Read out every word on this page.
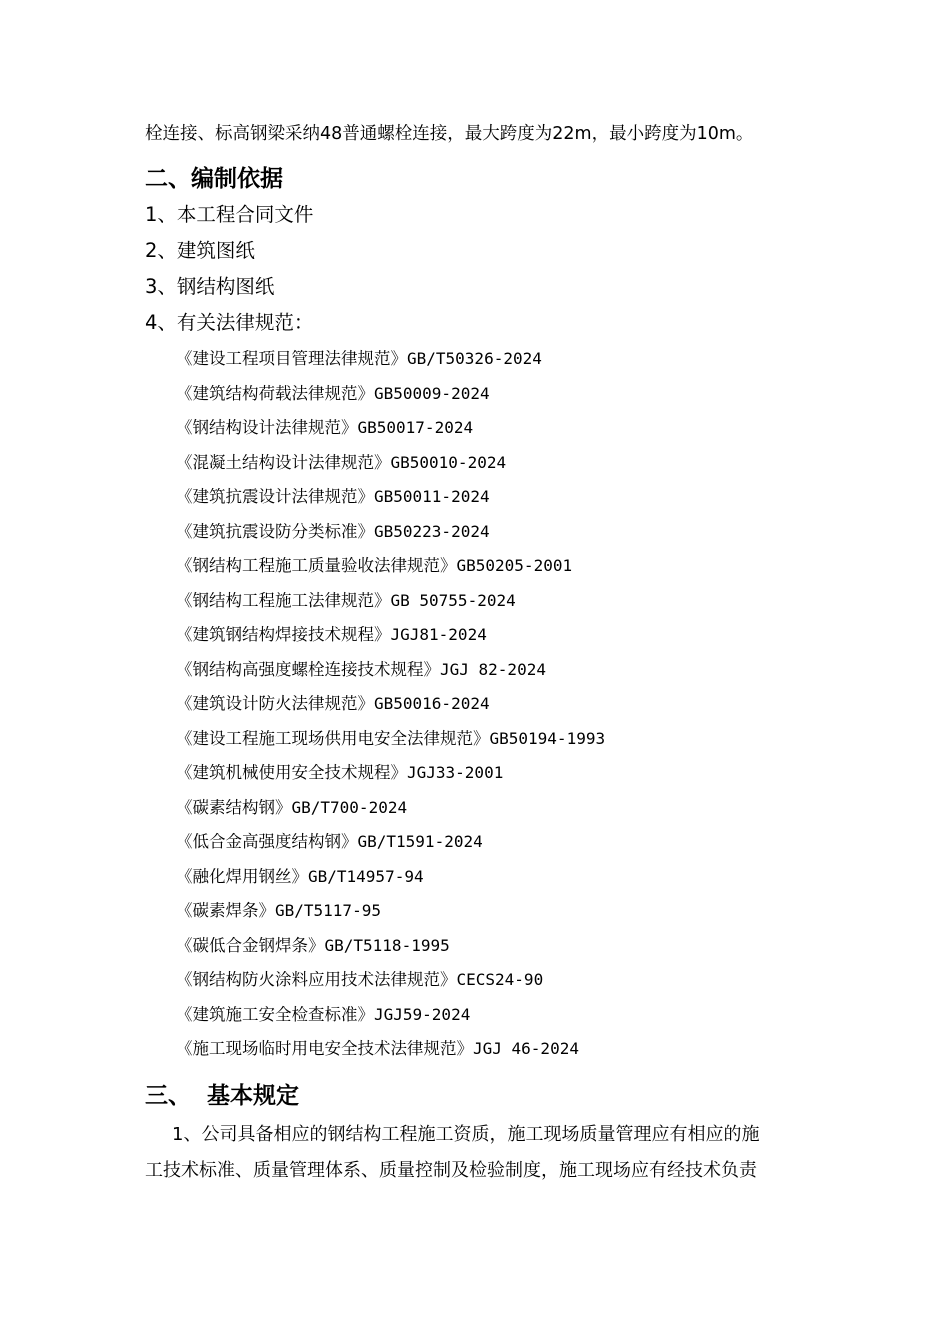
栓连接、标高钢梁采纳48普通螺栓连接，最大跨度为22m，最小跨度为10m。
二、编制依据
1、本工程合同文件
2、建筑图纸
3、钢结构图纸
4、有关法律规范：
《建设工程项目管理法律规范》GB/T50326-2024
《建筑结构荷载法律规范》GB50009-2024
《钢结构设计法律规范》GB50017-2024
《混凝土结构设计法律规范》GB50010-2024
《建筑抗震设计法律规范》GB50011-2024
《建筑抗震设防分类标准》GB50223-2024
《钢结构工程施工质量验收法律规范》GB50205-2001
《钢结构工程施工法律规范》GB 50755-2024
《建筑钢结构焊接技术规程》JGJ81-2024
《钢结构高强度螺栓连接技术规程》JGJ 82-2024
《建筑设计防火法律规范》GB50016-2024
《建设工程施工现场供用电安全法律规范》GB50194-1993
《建筑机械使用安全技术规程》JGJ33-2001
《碳素结构钢》GB/T700-2024
《低合金高强度结构钢》GB/T1591-2024
《融化焊用钢丝》GB/T14957-94
《碳素焊条》GB/T5117-95
《碳低合金钢焊条》GB/T5118-1995
《钢结构防火涂料应用技术法律规范》CECS24-90
《建筑施工安全检查标准》JGJ59-2024
《施工现场临时用电安全技术法律规范》JGJ 46-2024
三、 基本规定
1、公司具备相应的钢结构工程施工资质，施工现场质量管理应有相应的施
工技术标准、质量管理体系、质量控制及检验制度，施工现场应有经技术负责
